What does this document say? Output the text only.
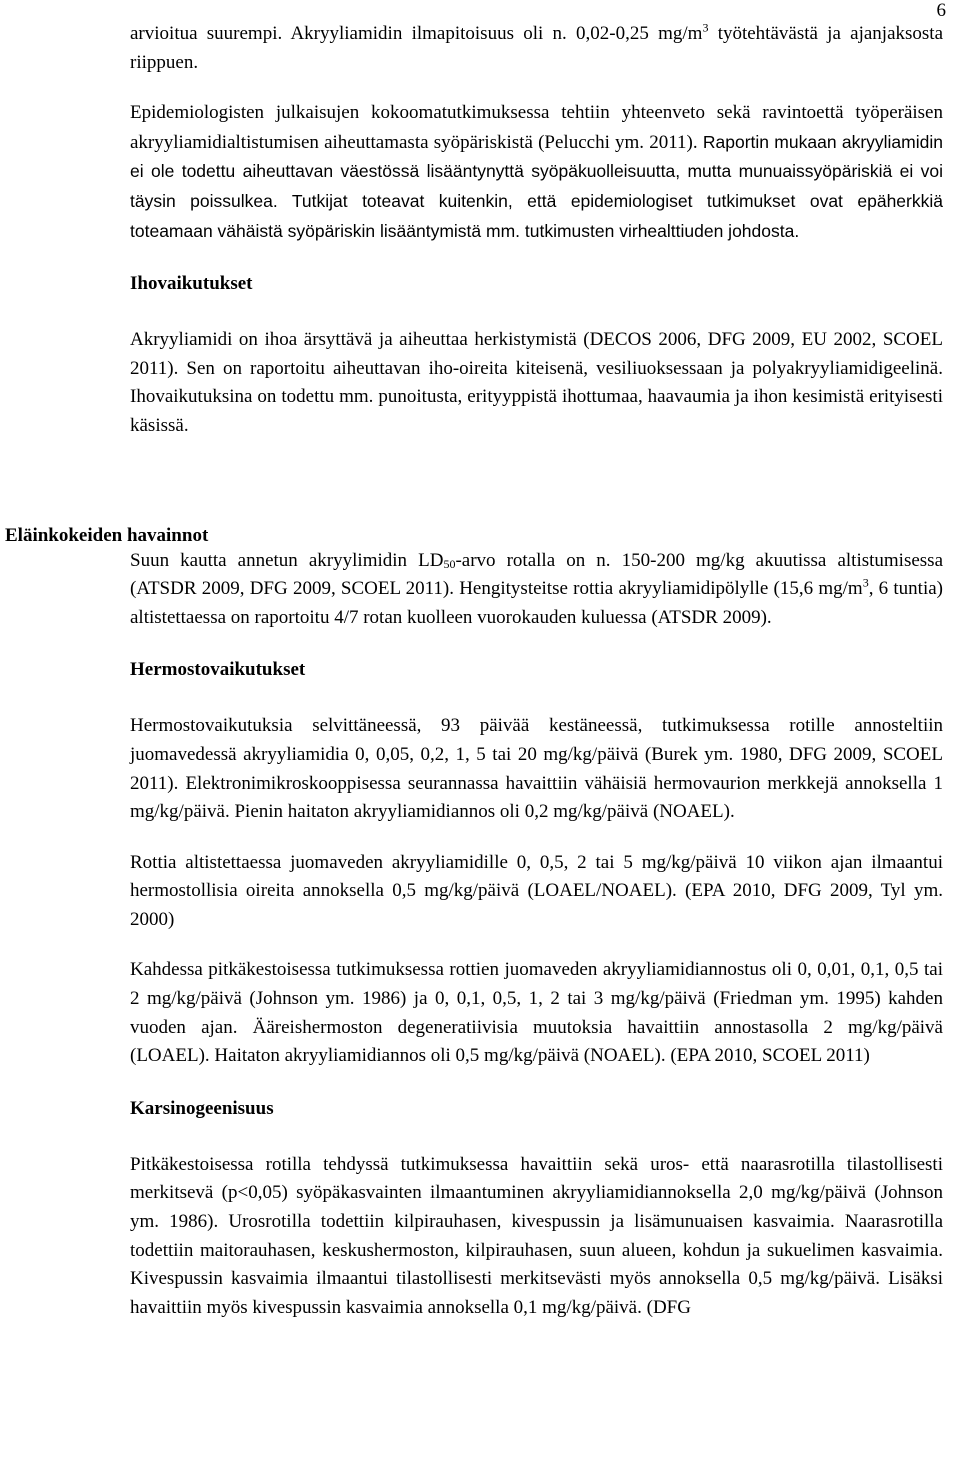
6

arvioitua suurempi. Akryyliamidin ilmapitoisuus oli n. 0,02-0,25 $mg/m^3$ työtehtävästä ja ajanjaksosta riippuen.

Epidemiologisten julkaisujen kokoomatutkimuksessa tehtiin yhteenveto sekä ravintoettä työperäisen akryyliamidialtistumisen aiheuttamasta syöpäriskistä (Pelucchi ym. 2011). Raportin mukaan akryyliamidin ei ole todettu aiheuttavan väestössä lisääntynyttä syöpäkuolleisuutta, mutta munuaissyöpäriskiä ei voi täysin poissulkea. Tutkijat toteavat kuitenkin, että epidemiologiset tutkimukset ovat epäherkkiä toteamaan vähäistä syöpäriskin lisääntymistä mm. tutkimusten virhealttiuden johdosta.

Ihovaikutukset

Akryyliamidi on ihoa ärsyttävä ja aiheuttaa herkistymistä (DECOS 2006, DFG 2009, EU 2002, SCOEL 2011). Sen on raportoitu aiheuttavan iho-oireita kiteisenä, vesiliuoksessaan ja polyakryyliamidigeelinä. Ihovaikutuksina on todettu mm. punoitusta, erityyppistä ihottumaa, haavaumia ja ihon kesimistä erityisesti käsissä.

Suun kautta annetun akryylimidin $LD_{50}$-arvo rotalla on n. 150-200 mg/kg akuutissa altistumisessa (ATSDR 2009, DFG 2009, SCOEL 2011). Hengitysteitse rottia akryyliamidipölylle (15,6 $mg/m^3$, 6 tuntia) altistettaessa on raportoitu 4/7 rotan kuolleen vuorokauden kuluessa (ATSDR 2009).

Hermostovaikutukset

Hermostovaikutuksia selvittäneessä, 93 päivää kestäneessä, tutkimuksessa rotille annosteltiin juomavedessä akryyliamidia 0, 0,05, 0,2, 1, 5 tai 20 mg/kg/päivä (Burek ym. 1980, DFG 2009, SCOEL 2011). Elektronimikroskooppisessa seurannassa havaittiin vähäisiä hermovaurion merkkejä annoksella 1 mg/kg/päivä. Pienin haitaton akryyliamidiannos oli 0,2 mg/kg/päivä (NOAEL).

Rottia altistettaessa juomaveden akryyliamidille 0, 0,5, 2 tai 5 mg/kg/päivä 10 viikon ajan ilmaantui hermostollisia oireita annoksella 0,5 mg/kg/päivä (LOAEL/NOAEL). (EPA 2010, DFG 2009, Tyl ym. 2000)

Kahdessa pitkäkestoisessa tutkimuksessa rottien juomaveden akryyliamidiannostus oli 0, 0,01, 0,1, 0,5 tai 2 mg/kg/päivä (Johnson ym. 1986) ja 0, 0,1, 0,5, 1, 2 tai 3 mg/kg/päivä (Friedman ym. 1995) kahden vuoden ajan. Ääreishermoston degeneratiivisia muutoksia havaittiin annostasolla 2 mg/kg/päivä (LOAEL). Haitaton akryyliamidiannos oli 0,5 mg/kg/päivä (NOAEL). (EPA 2010, SCOEL 2011)

Karsinogeenisuus

Pitkäkestoisessa rotilla tehdyssä tutkimuksessa havaittiin sekä uros- että naarasrotilla tilastollisesti merkitsevä (p<0,05) syöpäkasvainten ilmaantuminen akryyliamidiannoksella 2,0 mg/kg/päivä (Johnson ym. 1986). Urosrotilla todettiin kilpirauhasen, kivespussin ja lisämunuaisen kasvaimia. Naarasrotilla todettiin maitorauhasen, keskushermoston, kilpirauhasen, suun alueen, kohdun ja sukuelimen kasvaimia. Kivespussin kasvaimia ilmaantui tilastollisesti merkitsevästi myös annoksella 0,5 mg/kg/päivä. Lisäksi havaittiin myös kivespussin kasvaimia annoksella 0,1 mg/kg/päivä. (DFG

Eläinkokeiden havainnot
